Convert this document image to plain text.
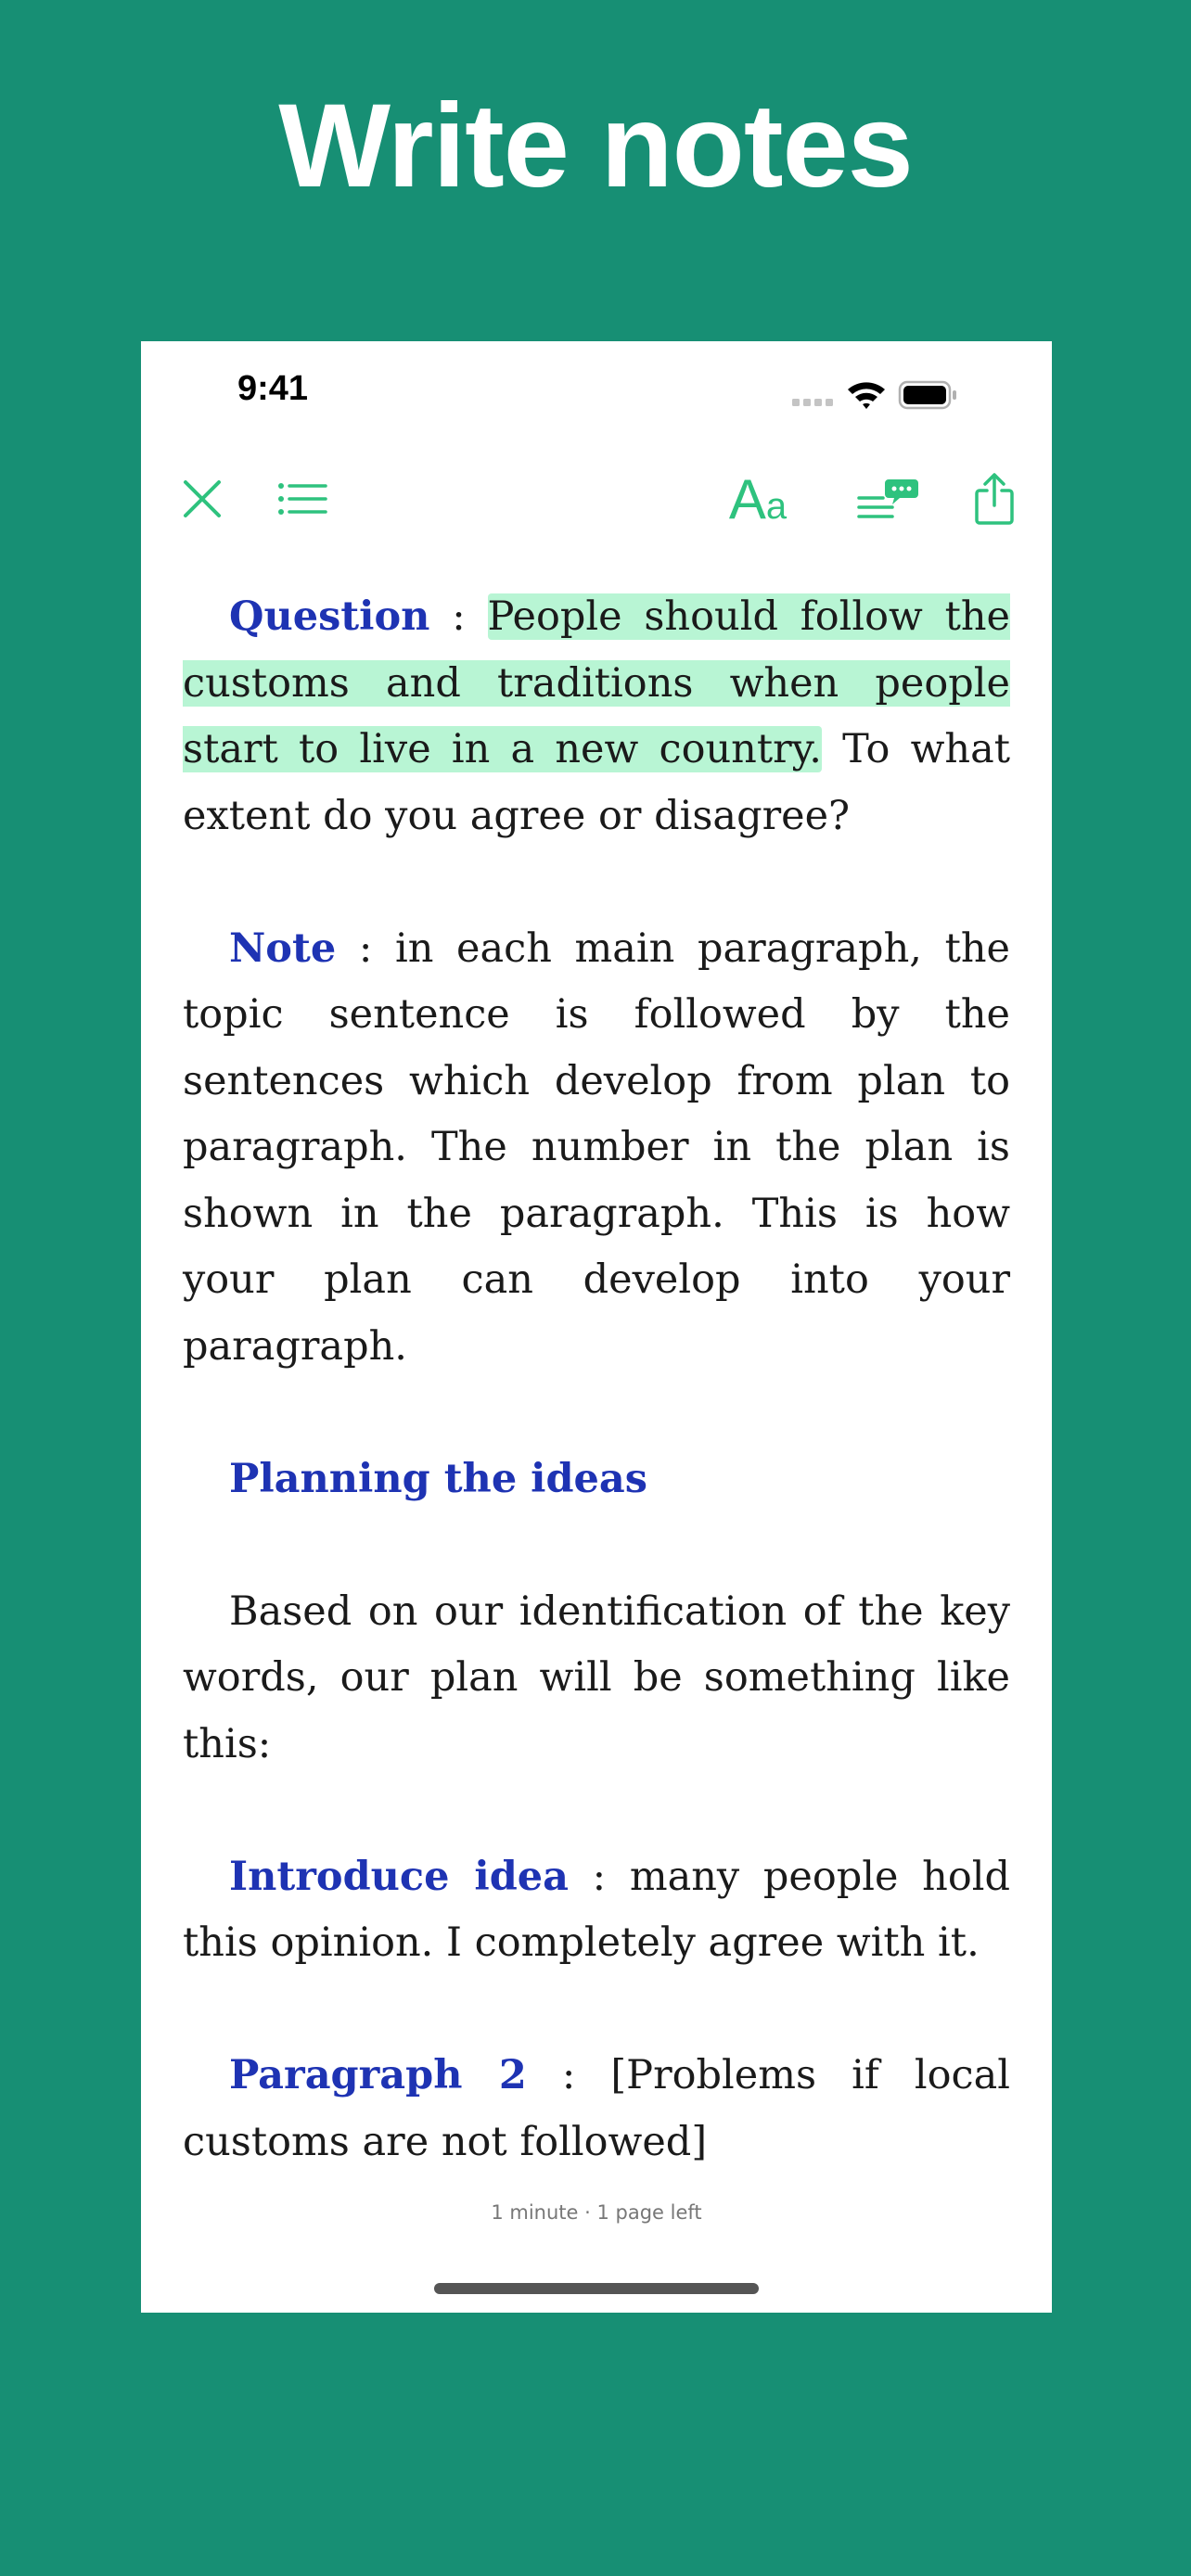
Write notes
9:41
Aa

Question : People should follow the customs and traditions when people start to live in a new country. To what extent do you agree or disagree?

Note : in each main paragraph, the topic sentence is followed by the sentences which develop from plan to paragraph. The number in the plan is shown in the paragraph. This is how your plan can develop into your paragraph.

Planning the ideas

Based on our identification of the key words, our plan will be something like this:

Introduce idea : many people hold this opinion. I completely agree with it.

Paragraph 2 : [Problems if local customs are not followed]

1 minute · 1 page left
